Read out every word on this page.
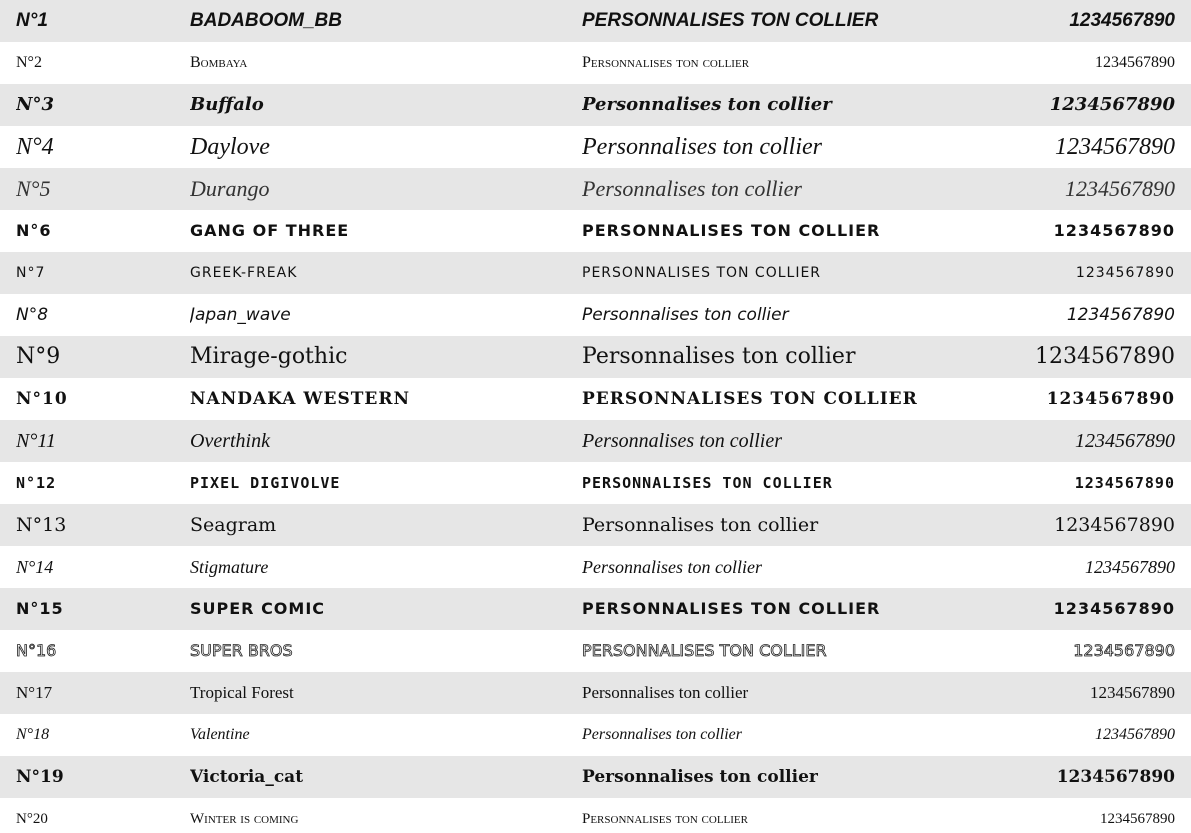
N°1	BADABOOM_BB	PERSONNALISES TON COLLIER	1234567890
N°2	Bombaya	Personnalises ton collier	1234567890
N°3	Buffalo	Personnalises ton collier	1234567890
N°4	Daylove	Personnalises ton collier	1234567890
N°5	Durango	Personnalises ton collier	1234567890
N°6	GANG OF THREE	PERSONNALISES TON COLLIER	1234567890
N°7	GREEK-FREAK	PERSONNALISES TON COLLIER	1234567890
N°8	Japan_wave	Personnalises ton collier	1234567890
N°9	Mirage-gothic	Personnalises ton collier	1234567890
N°10	NANDAKA WESTERN	PERSONNALISES TON COLLIER	1234567890
N°11	Overthink	Personnalises ton collier	1234567890
N°12	PIXEL DIGIVOLVE	PERSONNALISES TON COLLIER	1234567890
N°13	Seagram	Personnalises ton collier	1234567890
N°14	Stigmature	Personnalises ton collier	1234567890
N°15	SUPER COMIC	PERSONNALISES TON COLLIER	1234567890
N°16	SUPER BROS	PERSONNALISES TON COLLIER	1234567890
N°17	Tropical Forest	Personnalises ton collier	1234567890
N°18	Valentine	Personnalises ton collier	1234567890
N°19	Victoria_cat	Personnalises ton collier	1234567890
N°20	Winter is coming	Personnalises ton collier	1234567890
